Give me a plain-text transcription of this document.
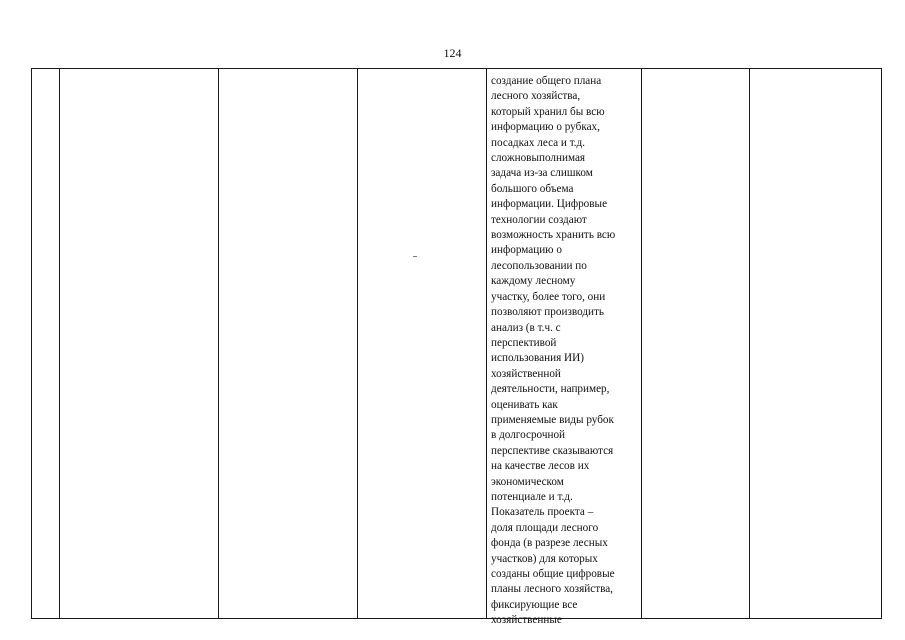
124
создание общего плана
лесного хозяйства,
который хранил бы всю
информацию о рубках,
посадках леса и т.д.
сложновыполнимая
задача из-за слишком
большого объема
информации. Цифровые
технологии создают
возможность хранить всю
информацию о
лесопользовании по
каждому лесному
участку, более того, они
позволяют производить
анализ (в т.ч. с
перспективой
использования ИИ)
хозяйственной
деятельности, например,
оценивать как
применяемые виды рубок
в долгосрочной
перспективе сказываются
на качестве лесов их
экономическом
потенциале и т.д.
Показатель проекта –
доля площади лесного
фонда (в разрезе лесных
участков) для которых
созданы общие цифровые
планы лесного хозяйства,
фиксирующие все
хозяйственные
